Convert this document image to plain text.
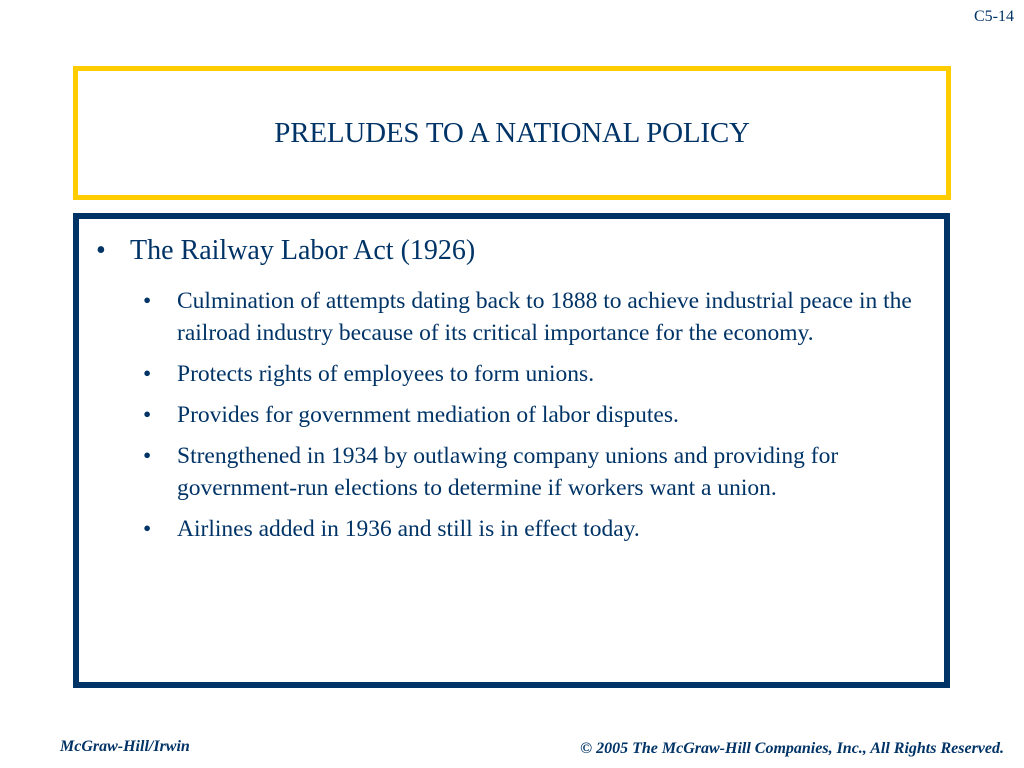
C5-14
PRELUDES TO A NATIONAL POLICY
• The Railway Labor Act (1926)
•	Culmination of attempts dating back to 1888 to achieve industrial peace in the railroad industry because of its critical importance for the economy.
•	Protects rights of employees to form unions.
•	Provides for government mediation of labor disputes.
•	Strengthened in 1934 by outlawing company unions and providing for government-run elections to determine if workers want a union.
•	Airlines added in 1936 and still is in effect today.
McGraw-Hill/Irwin	© 2005 The McGraw-Hill Companies, Inc., All Rights Reserved.
